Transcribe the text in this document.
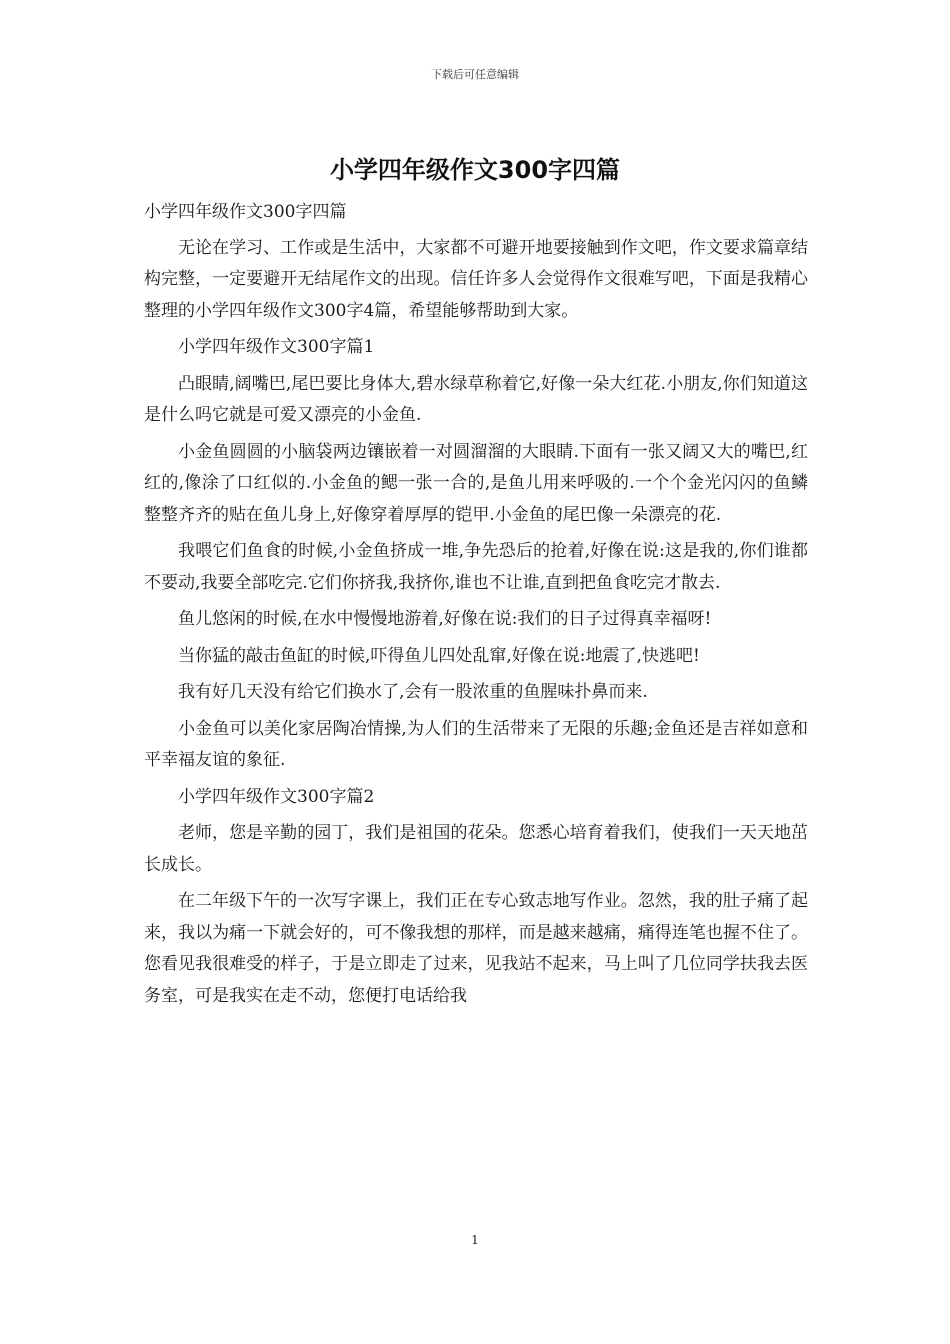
下载后可任意编辑
小学四年级作文300字四篇

小学四年级作文300字四篇

无论在学习、工作或是生活中，大家都不可避开地要接触到作文吧，作文要求篇章结构完整，一定要避开无结尾作文的出现。信任许多人会觉得作文很难写吧，下面是我精心整理的小学四年级作文300字4篇，希望能够帮助到大家。

小学四年级作文300字篇1

凸眼睛,阔嘴巴,尾巴要比身体大,碧水绿草称着它,好像一朵大红花.小朋友,你们知道这是什么吗它就是可爱又漂亮的小金鱼.

小金鱼圆圆的小脑袋两边镶嵌着一对圆溜溜的大眼睛.下面有一张又阔又大的嘴巴,红红的,像涂了口红似的.小金鱼的鳃一张一合的,是鱼儿用来呼吸的.一个个金光闪闪的鱼鳞整整齐齐的贴在鱼儿身上,好像穿着厚厚的铠甲.小金鱼的尾巴像一朵漂亮的花.

我喂它们鱼食的时候,小金鱼挤成一堆,争先恐后的抢着,好像在说:这是我的,你们谁都不要动,我要全部吃完.它们你挤我,我挤你,谁也不让谁,直到把鱼食吃完才散去.

鱼儿悠闲的时候,在水中慢慢地游着,好像在说:我们的日子过得真幸福呀!

当你猛的敲击鱼缸的时候,吓得鱼儿四处乱窜,好像在说:地震了,快逃吧!

我有好几天没有给它们换水了,会有一股浓重的鱼腥味扑鼻而来.

小金鱼可以美化家居陶冶情操,为人们的生活带来了无限的乐趣;金鱼还是吉祥如意和平幸福友谊的象征.

小学四年级作文300字篇2

老师，您是辛勤的园丁，我们是祖国的花朵。您悉心培育着我们，使我们一天天地茁长成长。

在二年级下午的一次写字课上，我们正在专心致志地写作业。忽然，我的肚子痛了起来，我以为痛一下就会好的，可不像我想的那样，而是越来越痛，痛得连笔也握不住了。您看见我很难受的样子，于是立即走了过来，见我站不起来，马上叫了几位同学扶我去医务室，可是我实在走不动，您便打电话给我

1
